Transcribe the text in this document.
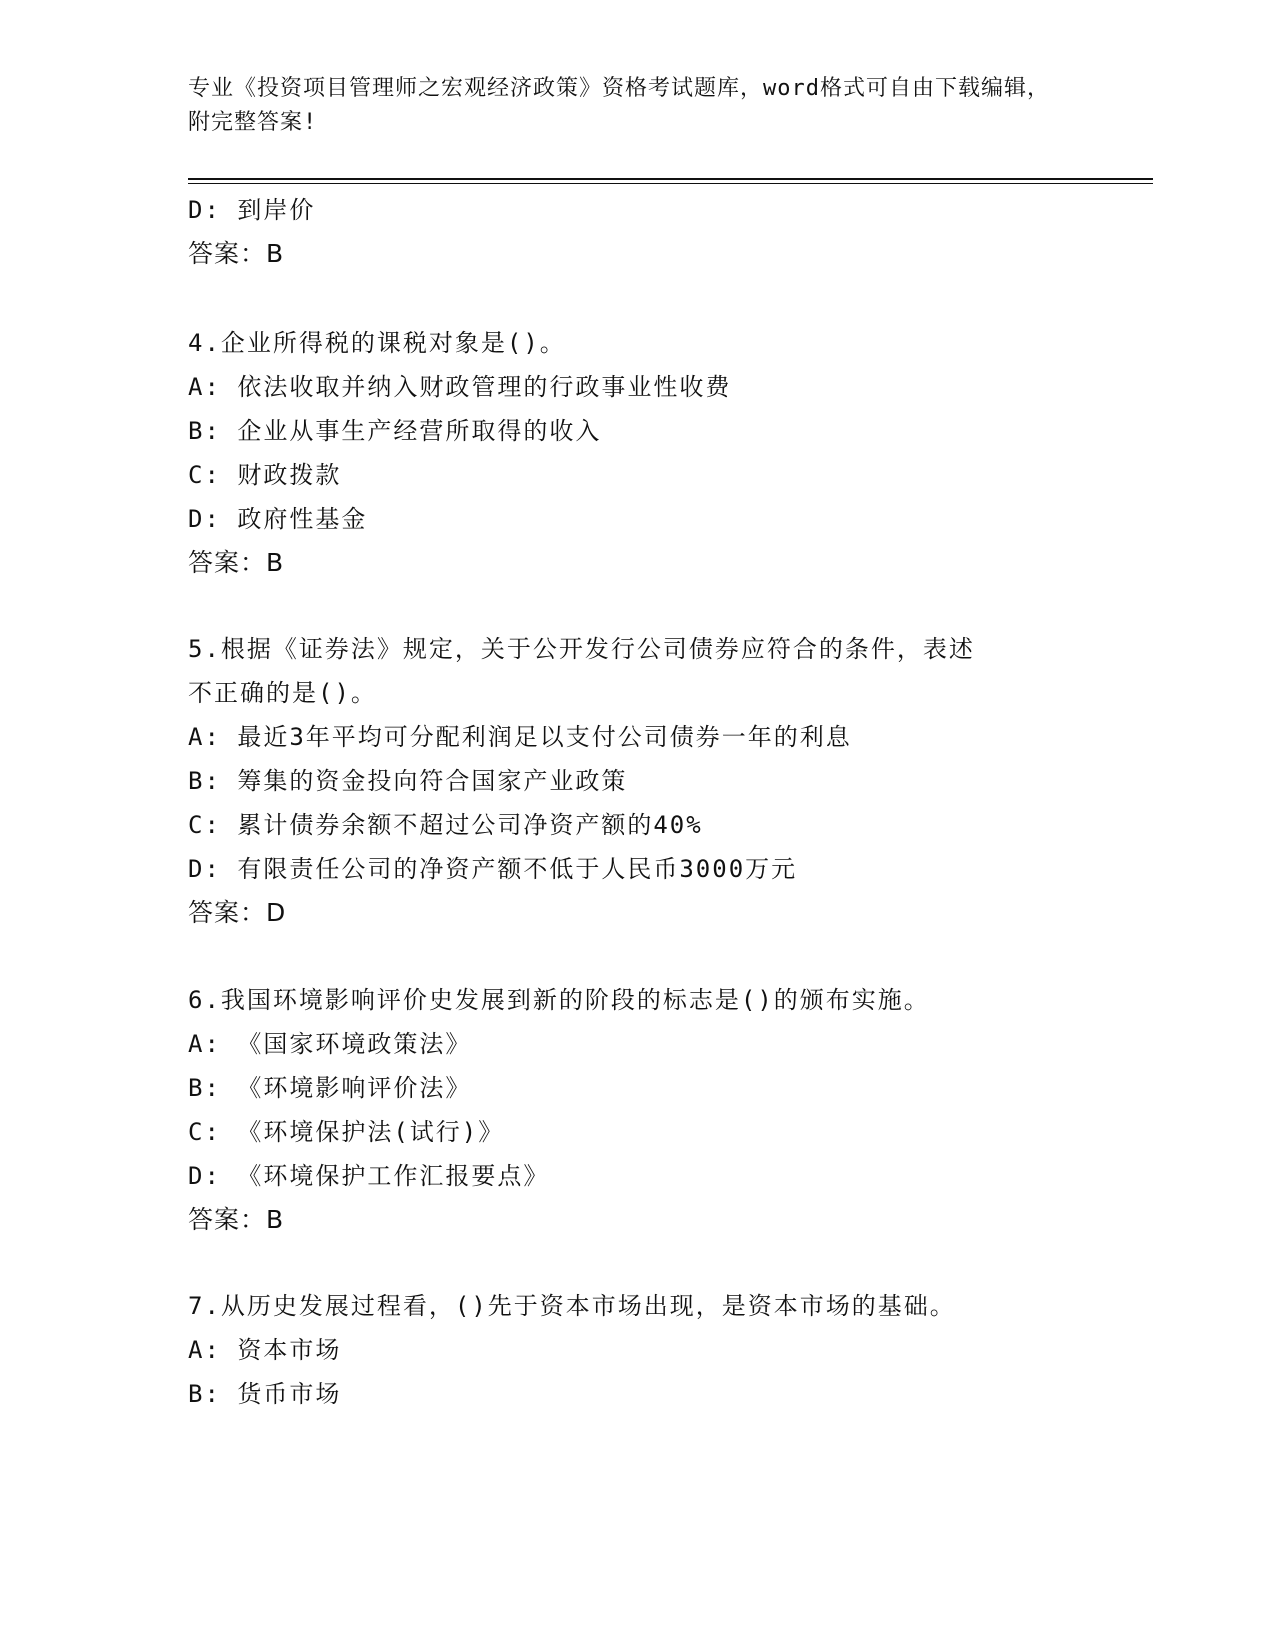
专业《投资项目管理师之宏观经济政策》资格考试题库，word格式可自由下载编辑，附完整答案!
D: 到岸价
答案：B
4.企业所得税的课税对象是()。
A: 依法收取并纳入财政管理的行政事业性收费
B: 企业从事生产经营所取得的收入
C: 财政拨款
D: 政府性基金
答案：B
5.根据《证券法》规定，关于公开发行公司债券应符合的条件，表述
不正确的是()。
A: 最近3年平均可分配利润足以支付公司债券一年的利息
B: 筹集的资金投向符合国家产业政策
C: 累计债券余额不超过公司净资产额的40%
D: 有限责任公司的净资产额不低于人民币3000万元
答案：D
6.我国环境影响评价史发展到新的阶段的标志是()的颁布实施。
A: 《国家环境政策法》
B: 《环境影响评价法》
C: 《环境保护法(试行)》
D: 《环境保护工作汇报要点》
答案：B
7.从历史发展过程看，()先于资本市场出现，是资本市场的基础。
A: 资本市场
B: 货币市场
